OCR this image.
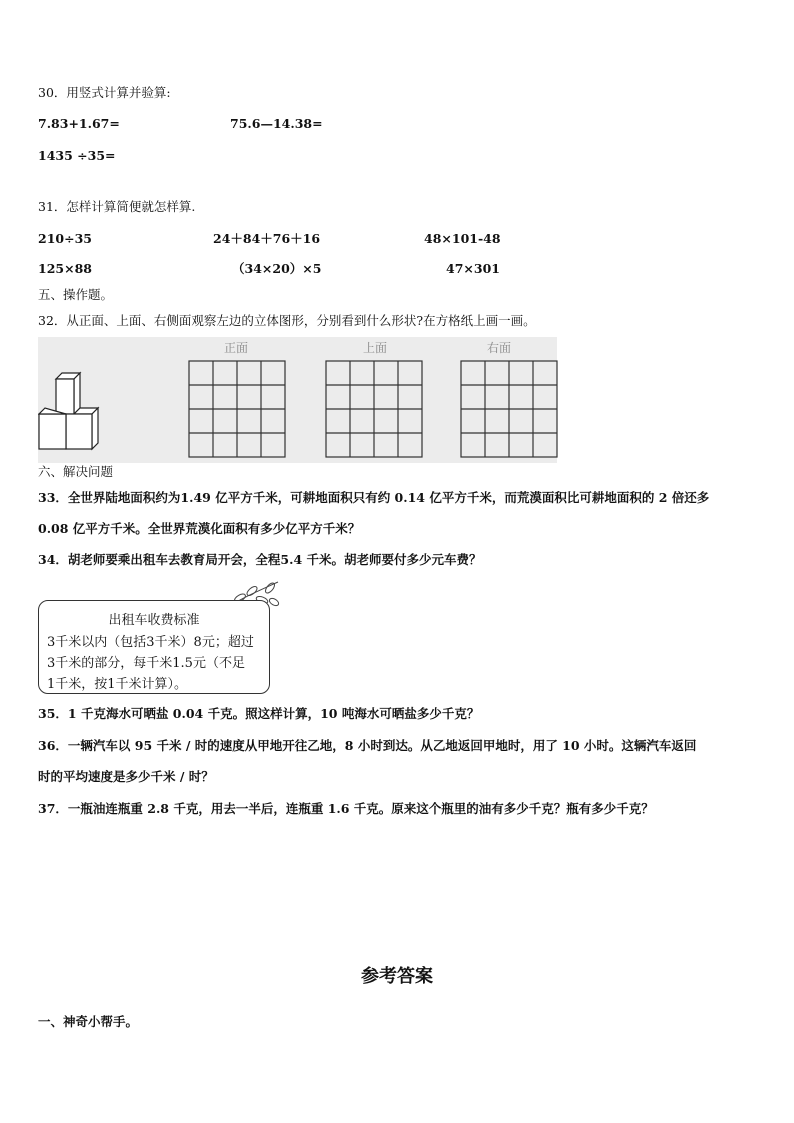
30．用竖式计算并验算:
7.83+1.67=	75.6—14.38=
1435 ÷35=
31．怎样计算简便就怎样算.
210÷35	24＋84＋76＋16	48×101-48
125×88	（34×20）×5	47×301
五、操作题。
32．从正面、上面、右侧面观察左边的立体图形，分别看到什么形状?在方格纸上画一画。
正面	上面	右面
六、解决问题
33．全世界陆地面积约为1.49 亿平方千米，可耕地面积只有约 0.14 亿平方千米，而荒漠面积比可耕地面积的 2 倍还多
0.08 亿平方千米。全世界荒漠化面积有多少亿平方千米？
34．胡老师要乘出租车去教育局开会，全程5.4 千米。胡老师要付多少元车费？
出租车收费标准
3千米以内（包括3千米）8元；超过
3千米的部分，每千米1.5元（不足
1千米，按1千米计算）。
35．1 千克海水可晒盐 0.04 千克。照这样计算，10 吨海水可晒盐多少千克？
36．一辆汽车以 95 千米 / 时的速度从甲地开往乙地，8 小时到达。从乙地返回甲地时，用了 10 小时。这辆汽车返回
时的平均速度是多少千米 / 时？
37．一瓶油连瓶重 2.8 千克，用去一半后，连瓶重 1.6 千克。原来这个瓶里的油有多少千克？瓶有多少千克？
参考答案
一、神奇小帮手。
